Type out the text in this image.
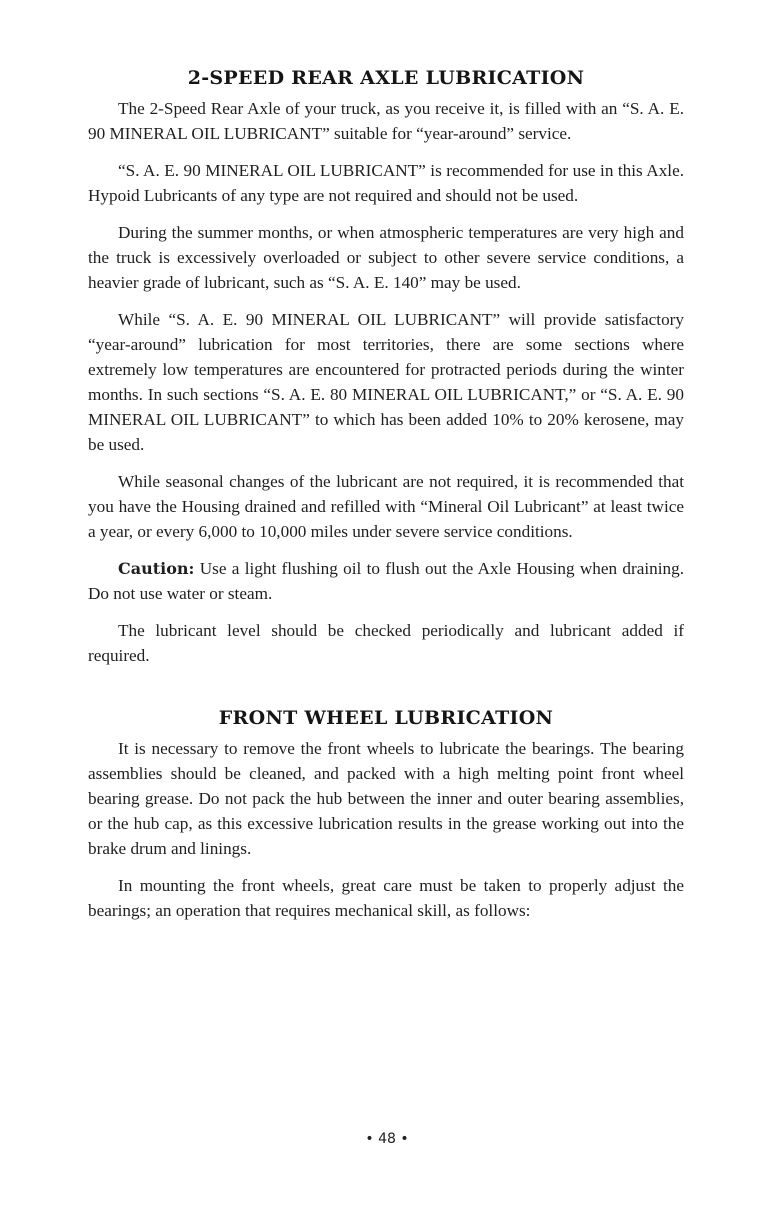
2-SPEED REAR AXLE LUBRICATION

The 2-Speed Rear Axle of your truck, as you receive it, is filled with an “S. A. E. 90 MINERAL OIL LUBRICANT” suitable for “year-around” service.

“S. A. E. 90 MINERAL OIL LUBRICANT” is recommended for use in this Axle. Hypoid Lubricants of any type are not required and should not be used.

During the summer months, or when atmospheric temperatures are very high and the truck is excessively overloaded or subject to other severe service conditions, a heavier grade of lubricant, such as “S. A. E. 140” may be used.

While “S. A. E. 90 MINERAL OIL LUBRICANT” will provide satisfactory “year-around” lubrication for most territories, there are some sections where extremely low temperatures are encountered for protracted periods during the winter months. In such sections “S. A. E. 80 MINERAL OIL LUBRICANT,” or “S. A. E. 90 MINERAL OIL LUBRICANT” to which has been added 10% to 20% kerosene, may be used.

While seasonal changes of the lubricant are not required, it is recommended that you have the Housing drained and refilled with “Mineral Oil Lubricant” at least twice a year, or every 6,000 to 10,000 miles under severe service conditions.

Caution: Use a light flushing oil to flush out the Axle Housing when draining. Do not use water or steam.

The lubricant level should be checked periodically and lubricant added if required.

FRONT WHEEL LUBRICATION

It is necessary to remove the front wheels to lubricate the bearings. The bearing assemblies should be cleaned, and packed with a high melting point front wheel bearing grease. Do not pack the hub between the inner and outer bearing assemblies, or the hub cap, as this excessive lubrication results in the grease working out into the brake drum and linings.

In mounting the front wheels, great care must be taken to properly adjust the bearings; an operation that requires mechanical skill, as follows:

• 48 •
